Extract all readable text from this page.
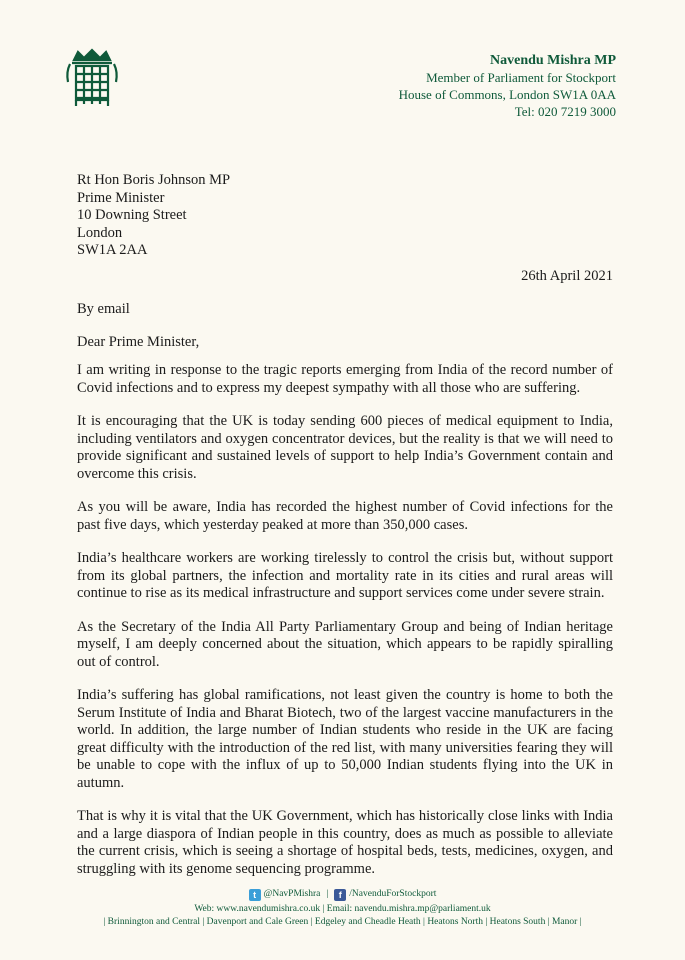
Navendu Mishra MP
Member of Parliament for Stockport
House of Commons, London SW1A 0AA
Tel: 020 7219 3000
Rt Hon Boris Johnson MP
Prime Minister
10 Downing Street
London
SW1A 2AA
26th April 2021
By email
Dear Prime Minister,

I am writing in response to the tragic reports emerging from India of the record number of Covid infections and to express my deepest sympathy with all those who are suffering.

It is encouraging that the UK is today sending 600 pieces of medical equipment to India, including ventilators and oxygen concentrator devices, but the reality is that we will need to provide significant and sustained levels of support to help India’s Government contain and overcome this crisis.

As you will be aware, India has recorded the highest number of Covid infections for the past five days, which yesterday peaked at more than 350,000 cases.

India’s healthcare workers are working tirelessly to control the crisis but, without support from its global partners, the infection and mortality rate in its cities and rural areas will continue to rise as its medical infrastructure and support services come under severe strain.

As the Secretary of the India All Party Parliamentary Group and being of Indian heritage myself, I am deeply concerned about the situation, which appears to be rapidly spiralling out of control.

India’s suffering has global ramifications, not least given the country is home to both the Serum Institute of India and Bharat Biotech, two of the largest vaccine manufacturers in the world. In addition, the large number of Indian students who reside in the UK are facing great difficulty with the introduction of the red list, with many universities fearing they will be unable to cope with the influx of up to 50,000 Indian students flying into the UK in autumn.

That is why it is vital that the UK Government, which has historically close links with India and a large diaspora of Indian people in this country, does as much as possible to alleviate the current crisis, which is seeing a shortage of hospital beds, tests, medicines, oxygen, and struggling with its genome sequencing programme.

t @NavPMishra |	f /NavenduForStockport
Web: www.navendumishra.co.uk | Email: navendu.mishra.mp@parliament.uk
| Brinnington and Central | Davenport and Cale Green | Edgeley and Cheadle Heath | Heatons North | Heatons South | Manor |
